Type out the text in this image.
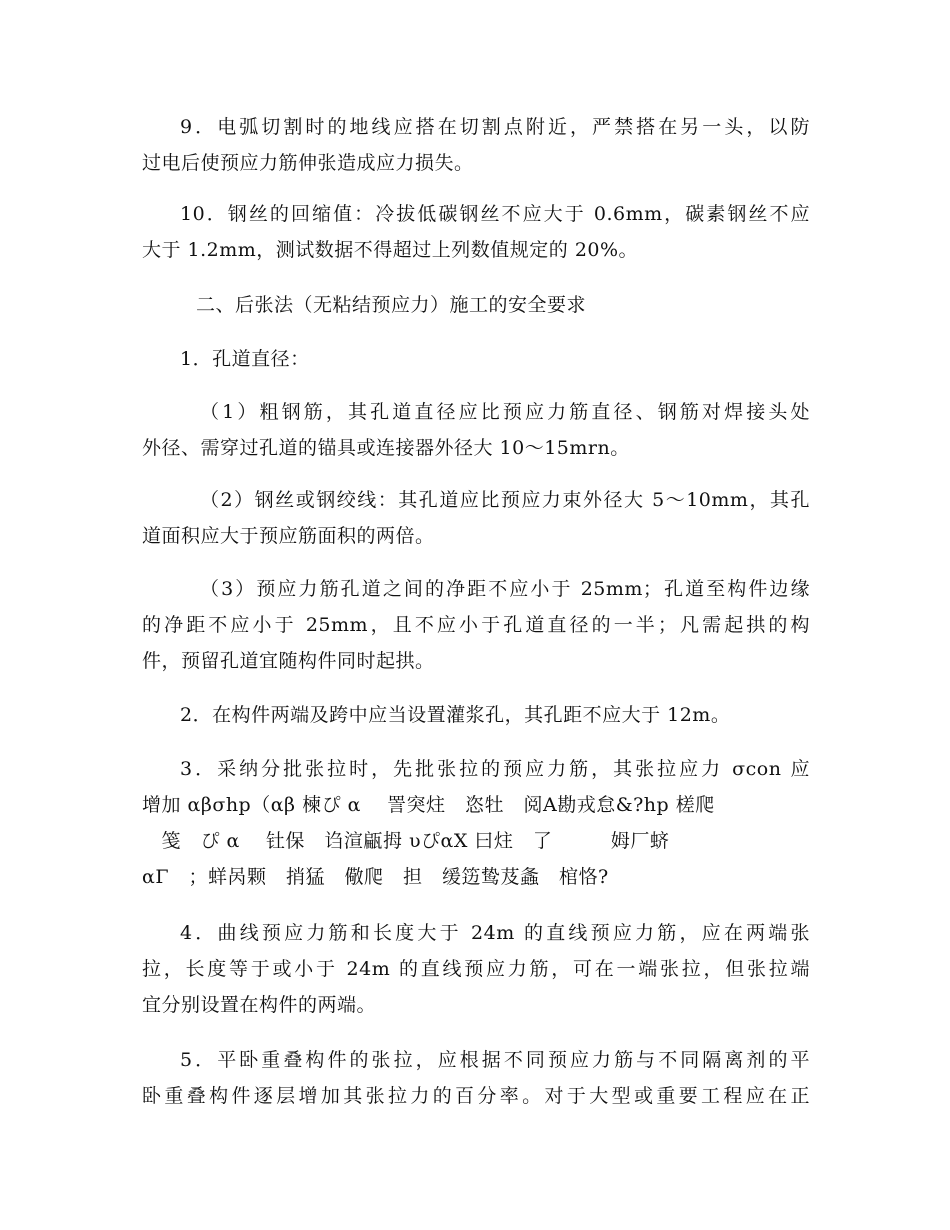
9．电弧切割时的地线应搭在切割点附近，严禁搭在另一头，以防
过电后使预应力筋伸张造成应力损失。

10．钢丝的回缩值：冷拔低碳钢丝不应大于 0.6mm，碳素钢丝不应
大于 1.2mm，测试数据不得超过上列数值规定的 20%。

二、后张法（无粘结预应力）施工的安全要求

1．孔道直径：

（1）粗钢筋，其孔道直径应比预应力筋直径、钢筋对焊接头处
外径、需穿过孔道的锚具或连接器外径大 10～15mrn。

（2）钢丝或钢绞线：其孔道应比预应力束外径大 5～10mm，其孔
道面积应大于预应筋面积的两倍。

（3）预应力筋孔道之间的净距不应小于 25mm；孔道至构件边缘
的净距不应小于 25mm，且不应小于孔道直径的一半；凡需起拱的构
件，预留孔道宜随构件同时起拱。

2．在构件两端及跨中应当设置灌浆孔，其孔距不应大于 12m。

3．采纳分批张拉时，先批张拉的预应力筋，其张拉应力 σcon 应
增加 αβσhp（αβ 楝ぴ α　 詈突炷　恣牡　阅A勘戎怠&?hp 槎爬
　笺　ぴ α　 钍保　诌渲甂拇 υぴαX 曰炷　了　　　姆厂蛴
αΓ　；蛘呙颗　捎猛　儆爬　担　缓笾鸷芨螽　棺恪?

4．曲线预应力筋和长度大于 24m 的直线预应力筋，应在两端张
拉，长度等于或小于 24m 的直线预应力筋，可在一端张拉，但张拉端
宜分别设置在构件的两端。

5．平卧重叠构件的张拉，应根据不同预应力筋与不同隔离剂的平
卧重叠构件逐层增加其张拉力的百分率。对于大型或重要工程应在正
